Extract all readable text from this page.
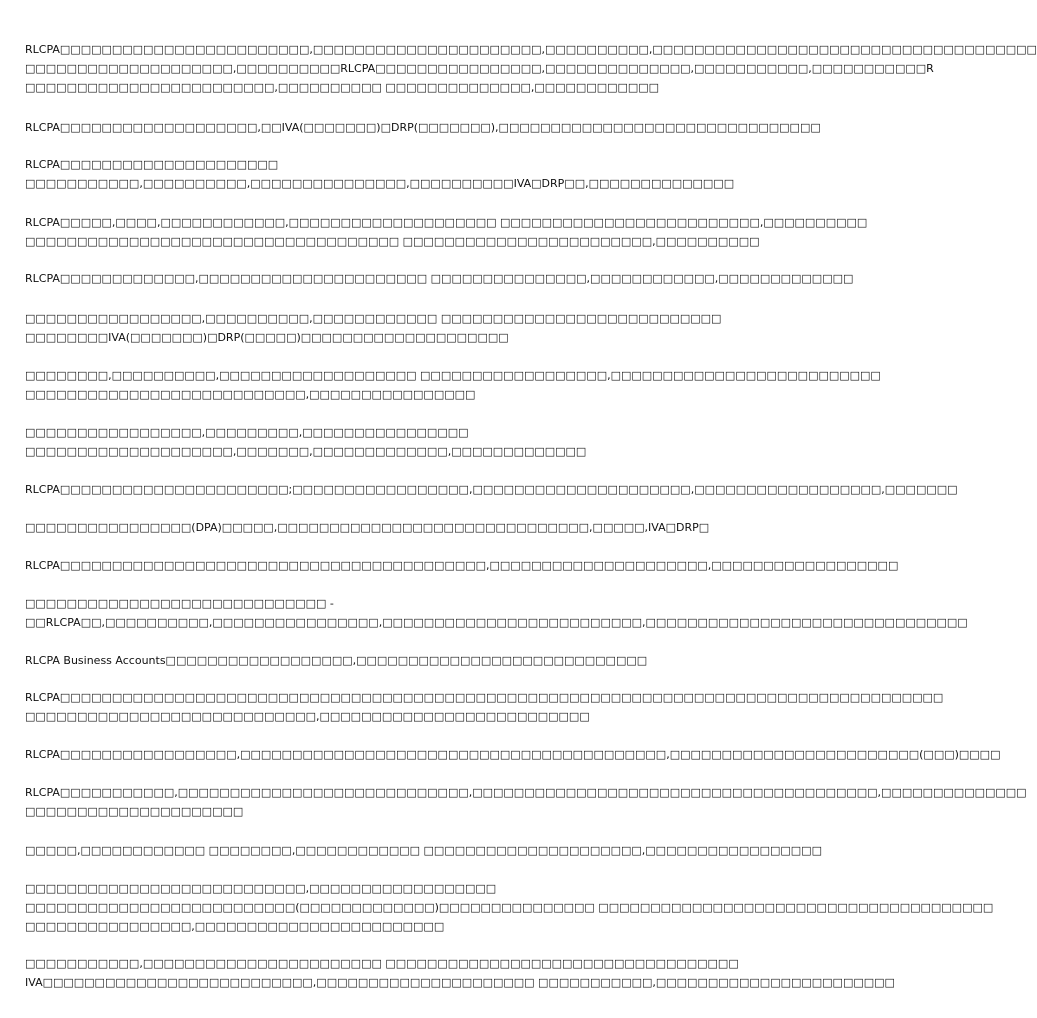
RLCPA□□□□□□□□□□□□□□□□□□□□□□□□,□□□□□□□□□□□□□□□□□□□□□□,□□□□□□□□□□,□□□□□□□□□□□□□□□□□□□□□□□□□□□□□□□□□□□□□
□□□□□□□□□□□□□□□□□□□□,□□□□□□□□□□RLCPA□□□□□□□□□□□□□□□□,□□□□□□□□□□□□□□,□□□□□□□□□□□,□□□□□□□□□□□R
□□□□□□□□□□□□□□□□□□□□□□□□,□□□□□□□□□□ □□□□□□□□□□□□□□,□□□□□□□□□□□□

RLCPA□□□□□□□□□□□□□□□□□□□,□□IVA(□□□□□□□)□DRP(□□□□□□□),□□□□□□□□□□□□□□□□□□□□□□□□□□□□□□□

RLCPA□□□□□□□□□□□□□□□□□□□□□
□□□□□□□□□□□,□□□□□□□□□□,□□□□□□□□□□□□□□□,□□□□□□□□□□IVA□DRP□□,□□□□□□□□□□□□□□

RLCPA□□□□□,□□□□,□□□□□□□□□□□□,□□□□□□□□□□□□□□□□□□□□ □□□□□□□□□□□□□□□□□□□□□□□□□,□□□□□□□□□□
□□□□□□□□□□□□□□□□□□□□□□□□□□□□□□□□□□□□ □□□□□□□□□□□□□□□□□□□□□□□□,□□□□□□□□□□

RLCPA□□□□□□□□□□□□□,□□□□□□□□□□□□□□□□□□□□□□ □□□□□□□□□□□□□□□,□□□□□□□□□□□□,□□□□□□□□□□□□□

□□□□□□□□□□□□□□□□□,□□□□□□□□□□,□□□□□□□□□□□□ □□□□□□□□□□□□□□□□□□□□□□□□□□□
□□□□□□□□IVA(□□□□□□□)□DRP(□□□□□)□□□□□□□□□□□□□□□□□□□□

□□□□□□□□,□□□□□□□□□□,□□□□□□□□□□□□□□□□□□□ □□□□□□□□□□□□□□□□□□,□□□□□□□□□□□□□□□□□□□□□□□□□□
□□□□□□□□□□□□□□□□□□□□□□□□□□□,□□□□□□□□□□□□□□□□

□□□□□□□□□□□□□□□□□,□□□□□□□□□,□□□□□□□□□□□□□□□□
□□□□□□□□□□□□□□□□□□□□,□□□□□□□,□□□□□□□□□□□□□,□□□□□□□□□□□□□

RLCPA□□□□□□□□□□□□□□□□□□□□□□;□□□□□□□□□□□□□□□□□,□□□□□□□□□□□□□□□□□□□□□,□□□□□□□□□□□□□□□□□□,□□□□□□□

□□□□□□□□□□□□□□□□(DPA)□□□□□,□□□□□□□□□□□□□□□□□□□□□□□□□□□□□□,□□□□□,IVA□DRP□

RLCPA□□□□□□□□□□□□□□□□□□□□□□□□□□□□□□□□□□□□□□□□□,□□□□□□□□□□□□□□□□□□□□□,□□□□□□□□□□□□□□□□□□

□□□□□□□□□□□□□□□□□□□□□□□□□□□□□ -
□□RLCPA□□,□□□□□□□□□□,□□□□□□□□□□□□□□□□,□□□□□□□□□□□□□□□□□□□□□□□□□,□□□□□□□□□□□□□□□□□□□□□□□□□□□□□□□

RLCPA Business Accounts□□□□□□□□□□□□□□□□□□,□□□□□□□□□□□□□□□□□□□□□□□□□□□□

RLCPA□□□□□□□□□□□□□□□□□□□□□□□□□□□□□□□□□□□□□□□□□□□□□□□□□□□□□□□□□□□□□□□□□□□□□□□□□□□□□□□□□□□□□
□□□□□□□□□□□□□□□□□□□□□□□□□□□□,□□□□□□□□□□□□□□□□□□□□□□□□□□

RLCPA□□□□□□□□□□□□□□□□□,□□□□□□□□□□□□□□□□□□□□□□□□□□□□□□□□□□□□□□□□□,□□□□□□□□□□□□□□□□□□□□□□□□(□□□)□□□□

RLCPA□□□□□□□□□□□,□□□□□□□□□□□□□□□□□□□□□□□□□□□□,□□□□□□□□□□□□□□□□□□□□□□□□□□□□□□□□□□□□□□□,□□□□□□□□□□□□□□
□□□□□□□□□□□□□□□□□□□□□

□□□□□,□□□□□□□□□□□□ □□□□□□□□,□□□□□□□□□□□□ □□□□□□□□□□□□□□□□□□□□□,□□□□□□□□□□□□□□□□□

□□□□□□□□□□□□□□□□□□□□□□□□□□□,□□□□□□□□□□□□□□□□□□
□□□□□□□□□□□□□□□□□□□□□□□□□□(□□□□□□□□□□□□□)□□□□□□□□□□□□□□□ □□□□□□□□□□□□□□□□□□□□□□□□□□□□□□□□□□□□□□
□□□□□□□□□□□□□□□□,□□□□□□□□□□□□□□□□□□□□□□□□

□□□□□□□□□□□,□□□□□□□□□□□□□□□□□□□□□□□ □□□□□□□□□□□□□□□□□□□□□□□□□□□□□□□□□□
IVA□□□□□□□□□□□□□□□□□□□□□□□□□□,□□□□□□□□□□□□□□□□□□□□□ □□□□□□□□□□□,□□□□□□□□□□□□□□□□□□□□□□□
